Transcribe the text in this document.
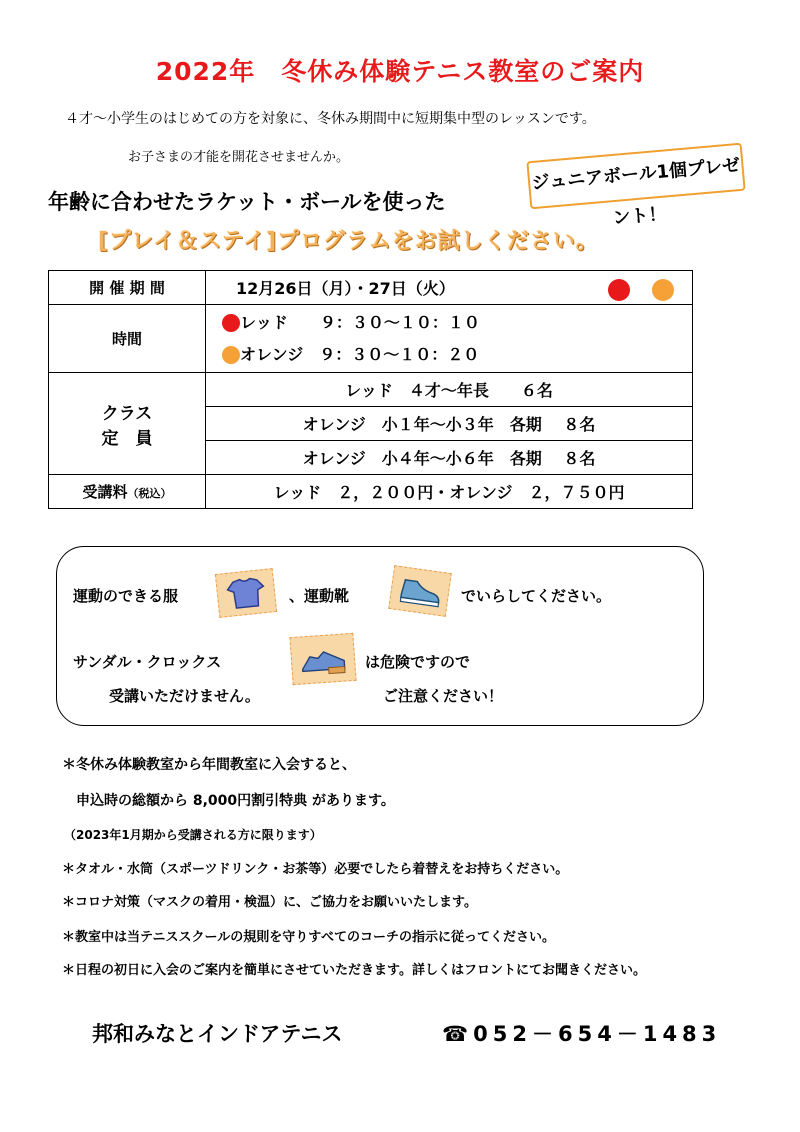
2022年　冬休み体験テニス教室のご案内
４才～小学生のはじめての方を対象に、冬休み期間中に短期集中型のレッスンです。
お子さまの才能を開花させませんか。	ジュニアボール1個プレゼント！
年齢に合わせたラケット・ボールを使った
[プレイ＆ステイ]プログラムをお試しください。
開 催 期 間	12月26日（月）・27日（火）

時間	レッド　　９：３０～１０：１０
オレンジ　９：３０～１０：２０

クラス
定　員	レッド　４才～年長　　６名
	オレンジ　小１年～小３年　各期　 ８名
	オレンジ　小４年～小６年　各期　 ８名
受講料（税込）	レッド　２，２００円・オレンジ　２，７５０円
運動のできる服	、運動靴	でいらしてください。
サンダル・クロックス	は危険ですので
受講いただけません。	ご注意ください！
＊冬休み体験教室から年間教室に入会すると、
申込時の総額から 8,000円割引特典 があります。
（2023年1月期から受講される方に限ります）
＊タオル・水筒（スポーツドリンク・お茶等）必要でしたら着替えをお持ちください。
＊コロナ対策（マスクの着用・検温）に、ご協力をお願いいたします。
＊教室中は当テニススクールの規則を守りすべてのコーチの指示に従ってください。
＊日程の初日に入会のご案内を簡単にさせていただきます。詳しくはフロントにてお聞きください。
邦和みなとインドアテニス	☎052－654－1483
